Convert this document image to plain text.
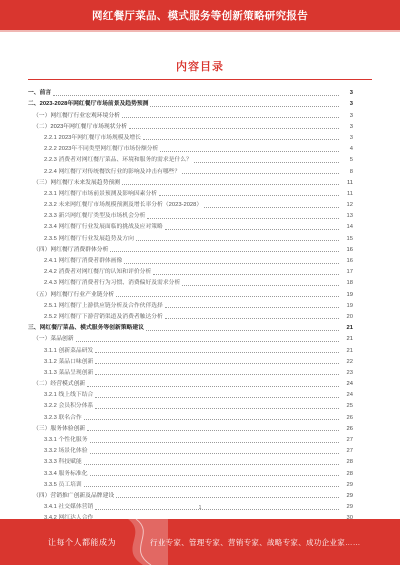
网红餐厅菜品、模式服务等创新策略研究报告
内容目录
一、前言	3
二、2023-2028年网红餐厅市场前景及趋势预测	3
（一）网红餐厅行业宏观环境分析	3
（二）2023年网红餐厅市场现状分析	3
2.2.1 2023年网红餐厅市场规模及增长	3
2.2.2 2023年不同类型网红餐厅市场份额分析	4
2.2.3 消费者对网红餐厅菜品、环境和服务的需求是什么？	5
2.2.4 网红餐厅对传统餐饮行业的影响及冲击有哪些？	8
（三）网红餐厅未来发展趋势预测	11
2.3.1 网红餐厅市场前景预测及影响因素分析	11
2.3.2 未来网红餐厅市场规模预测及增长率分析（2023-2028）	12
2.3.3 新兴网红餐厅类型及市场机会分析	13
2.3.4 网红餐厅行业发展面临的挑战及应对策略	14
2.3.5 网红餐厅行业发展趋势及方向	15
（四）网红餐厅消费群体分析	16
2.4.1 网红餐厅消费者群体画像	16
2.4.2 消费者对网红餐厅的认知和评价分析	17
2.4.3 网红餐厅消费者行为习惯、消费偏好及需求分析	18
（五）网红餐厅行业产业链分析	19
2.5.1 网红餐厅上游供应链分析及合作伙伴选择	19
2.5.2 网红餐厅下游营销渠道及消费者触达分析	20
三、网红餐厅菜品、模式服务等创新策略建议	21
（一）菜品创新	21
3.1.1 创新菜品研发	21
3.1.2 菜品口味创新	22
3.1.3 菜品呈现创新	23
（二）经营模式创新	24
3.2.1 线上线下结合	24
3.2.2 会员积分体系	25
3.2.3 联名合作	26
（三）服务体验创新	26
3.3.1 个性化服务	27
3.3.2 场景化体验	27
3.3.3 科技赋能	28
3.3.4 服务标准化	28
3.3.5 员工培训	29
（四）营销推广创新及品牌建设	29
3.4.1 社交媒体营销	29
1
让每个人都能成为	行业专家、管理专家、营销专家、战略专家、成功企业家……
